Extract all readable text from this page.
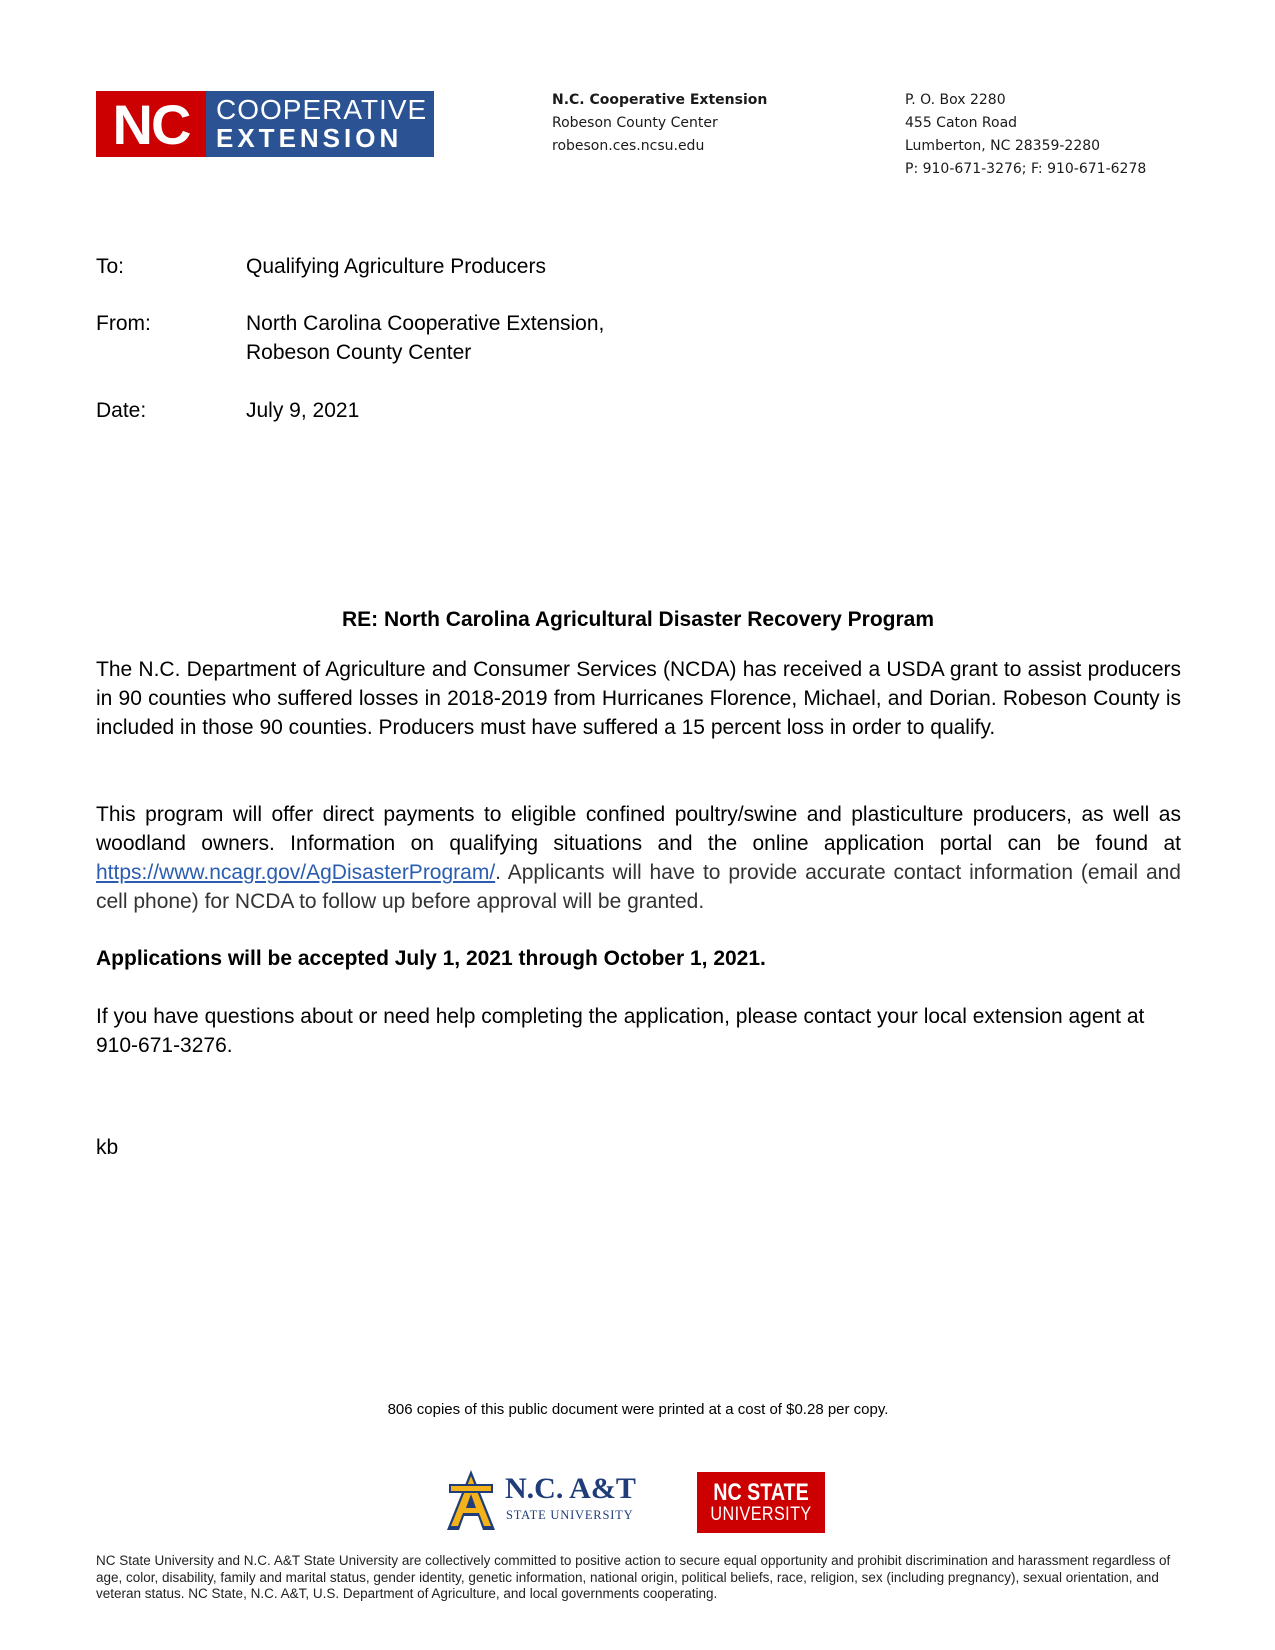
NC COOPERATIVE
EXTENSION
N.C. Cooperative Extension
Robeson County Center
robeson.ces.ncsu.edu
P. O. Box 2280
455 Caton Road
Lumberton, NC 28359-2280
P: 910-671-3276; F: 910-671-6278
To:	Qualifying Agriculture Producers
From:	North Carolina Cooperative Extension,
Robeson County Center
Date:	July 9, 2021
RE: North Carolina Agricultural Disaster Recovery Program
The N.C. Department of Agriculture and Consumer Services (NCDA) has received a USDA grant to assist producers in 90 counties who suffered losses in 2018-2019 from Hurricanes Florence, Michael, and Dorian. Robeson County is included in those 90 counties. Producers must have suffered a 15 percent loss in order to qualify.
This program will offer direct payments to eligible confined poultry/swine and plasticulture producers, as well as woodland owners. Information on qualifying situations and the online application portal can be found at https://www.ncagr.gov/AgDisasterProgram/. Applicants will have to provide accurate contact information (email and cell phone) for NCDA to follow up before approval will be granted.
Applications will be accepted July 1, 2021 through October 1, 2021.
If you have questions about or need help completing the application, please contact your local extension agent at 910-671-3276.
kb
806 copies of this public document were printed at a cost of $0.28 per copy.
N.C. A&T
STATE UNIVERSITY
NC STATE
UNIVERSITY
NC State University and N.C. A&T State University are collectively committed to positive action to secure equal opportunity and prohibit discrimination and harassment regardless of age, color, disability, family and marital status, gender identity, genetic information, national origin, political beliefs, race, religion, sex (including pregnancy), sexual orientation, and veteran status. NC State, N.C. A&T, U.S. Department of Agriculture, and local governments cooperating.
